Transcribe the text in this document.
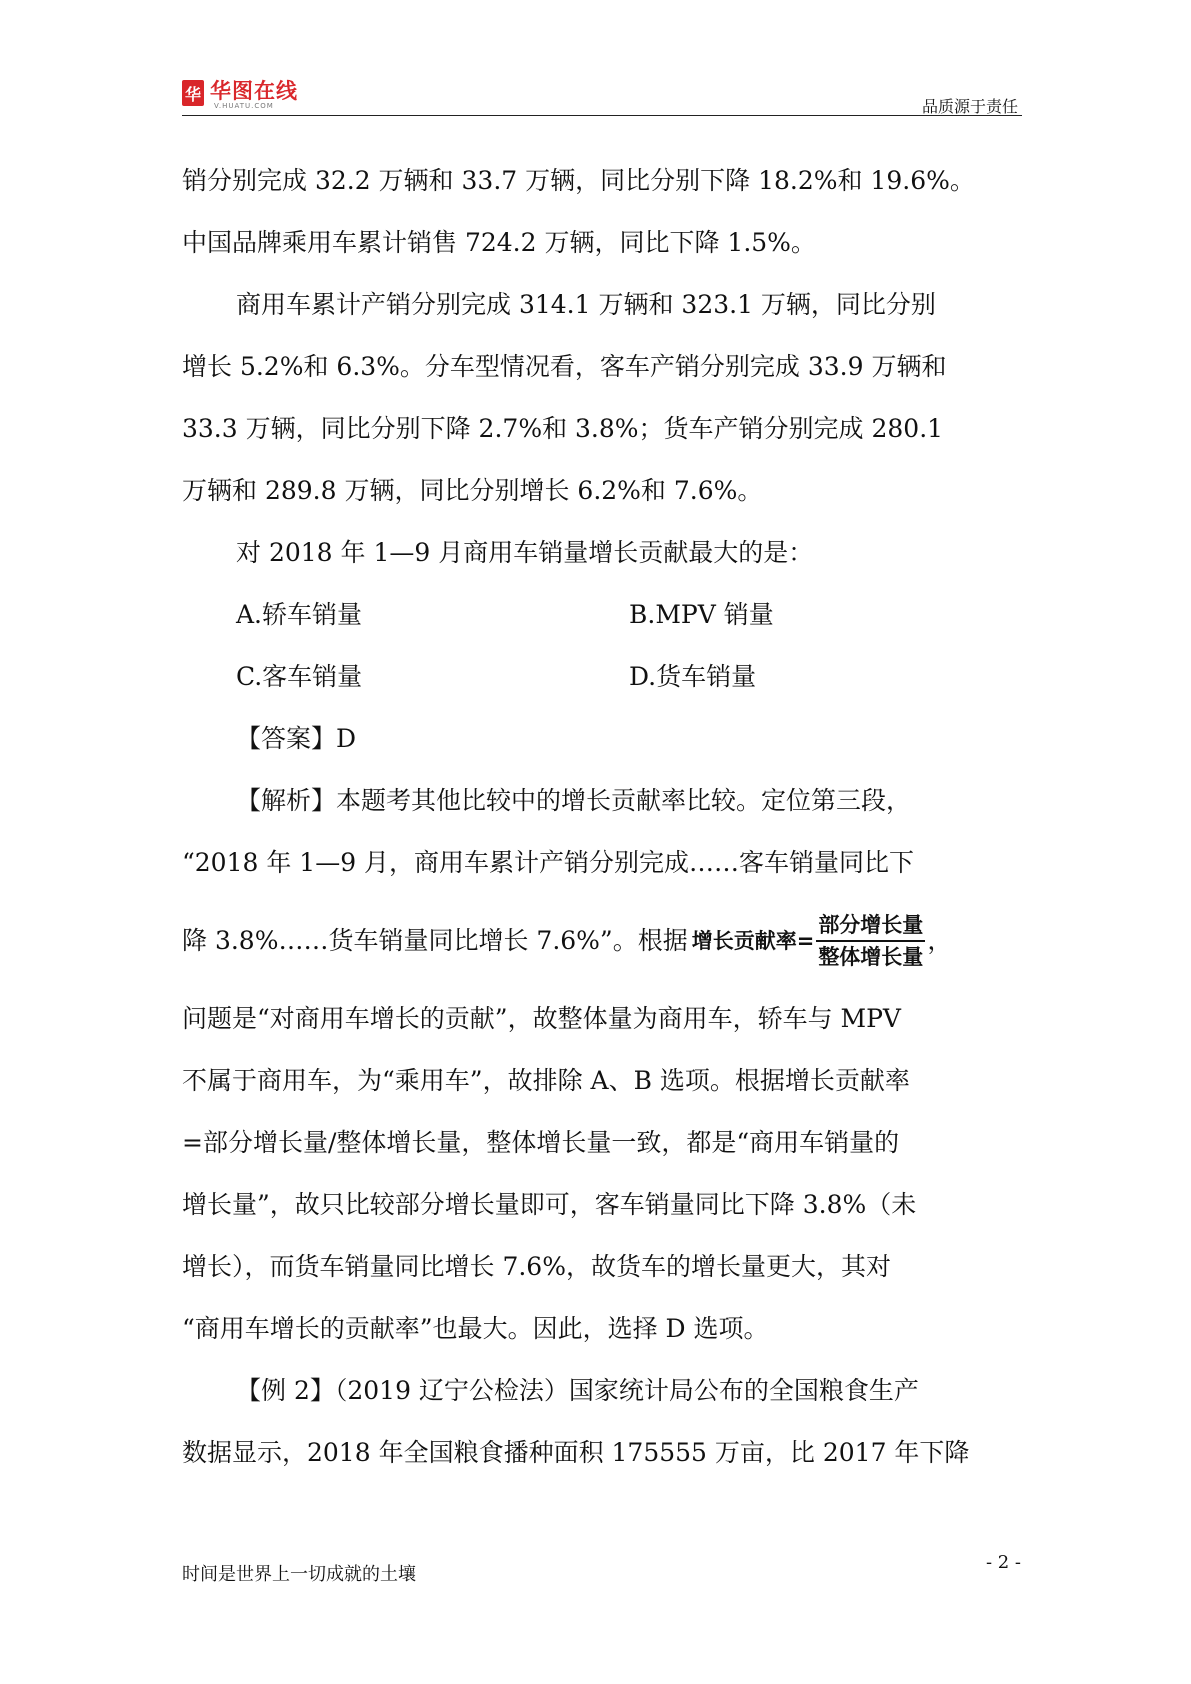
华 华图在线
V.HUATU.COM	品质源于责任

销分别完成 32.2 万辆和 33.7 万辆，同比分别下降 18.2%和 19.6%。

中国品牌乘用车累计销售 724.2 万辆，同比下降 1.5%。

商用车累计产销分别完成 314.1 万辆和 323.1 万辆，同比分别

增长 5.2%和 6.3%。分车型情况看，客车产销分别完成 33.9 万辆和

33.3 万辆，同比分别下降 2.7%和 3.8%；货车产销分别完成 280.1

万辆和 289.8 万辆，同比分别增长 6.2%和 7.6%。

对 2018 年 1—9 月商用车销量增长贡献最大的是：

A.轿车销量	B.MPV 销量
C.客车销量	D.货车销量

【答案】D

【解析】本题考其他比较中的增长贡献率比较。定位第三段，

“2018 年 1—9 月，商用车累计产销分别完成……客车销量同比下

降 3.8%……货车销量同比增长 7.6%”。根据 增长贡献率= $\frac{\text{部分增长量}}{\text{整体增长量}}$ ，

问题是“对商用车增长的贡献”，故整体量为商用车，轿车与 MPV

不属于商用车，为“乘用车”，故排除 A、B 选项。根据增长贡献率

=部分增长量/整体增长量，整体增长量一致，都是“商用车销量的

增长量”，故只比较部分增长量即可，客车销量同比下降 3.8%（未

增长），而货车销量同比增长 7.6%，故货车的增长量更大，其对

“商用车增长的贡献率”也最大。因此，选择 D 选项。

【例 2】（2019 辽宁公检法）国家统计局公布的全国粮食生产

数据显示，2018 年全国粮食播种面积 175555 万亩，比 2017 年下降

时间是世界上一切成就的土壤
- 2 -
